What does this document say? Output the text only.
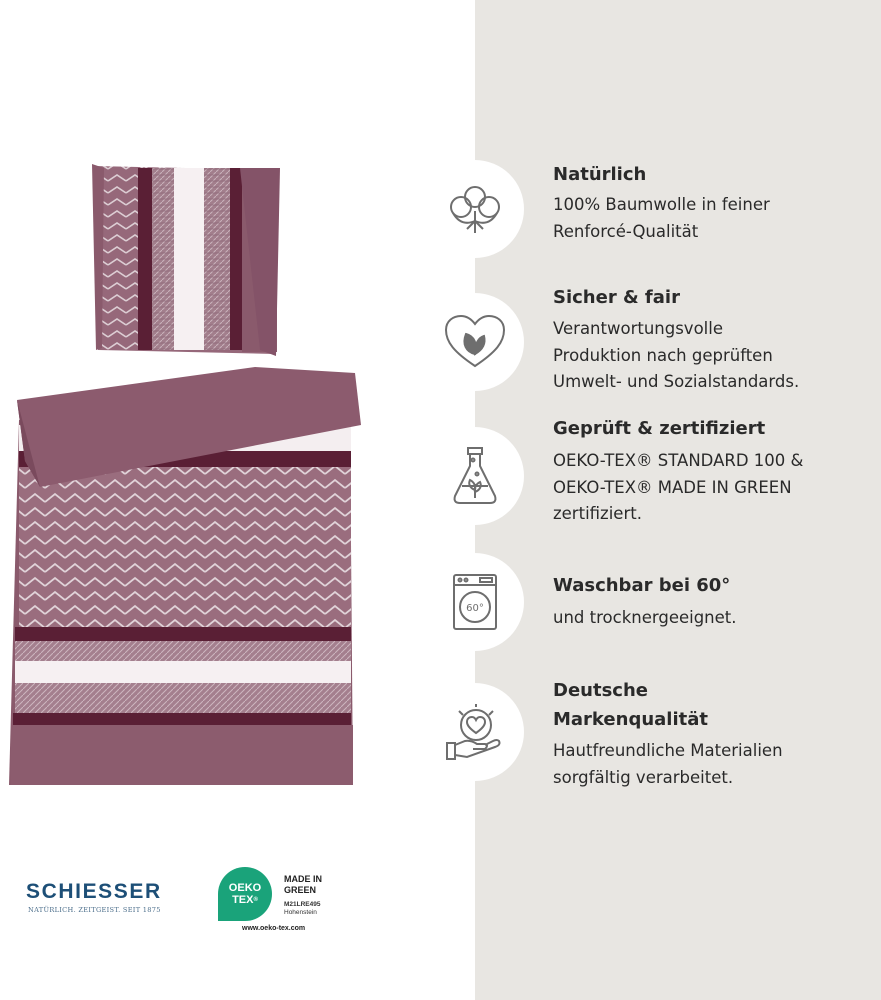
SCHIESSER
NATÜRLICH. ZEITGEIST. SEIT 1875
OEKO
TEX®
MADE IN
GREEN
M21LRE495
Hohenstein
www.oeko-tex.com
Natürlich
100% Baumwolle in feiner
Renforcé-Qualität
Sicher & fair
Verantwortungsvolle
Produktion nach geprüften
Umwelt- und Sozialstandards.
Geprüft & zertifiziert
OEKO-TEX® STANDARD 100 &
OEKO-TEX® MADE IN GREEN
zertifiziert.
60°
Waschbar bei 60°
und trocknergeeignet.
Deutsche
Markenqualität
Hautfreundliche Materialien
sorgfältig verarbeitet.
